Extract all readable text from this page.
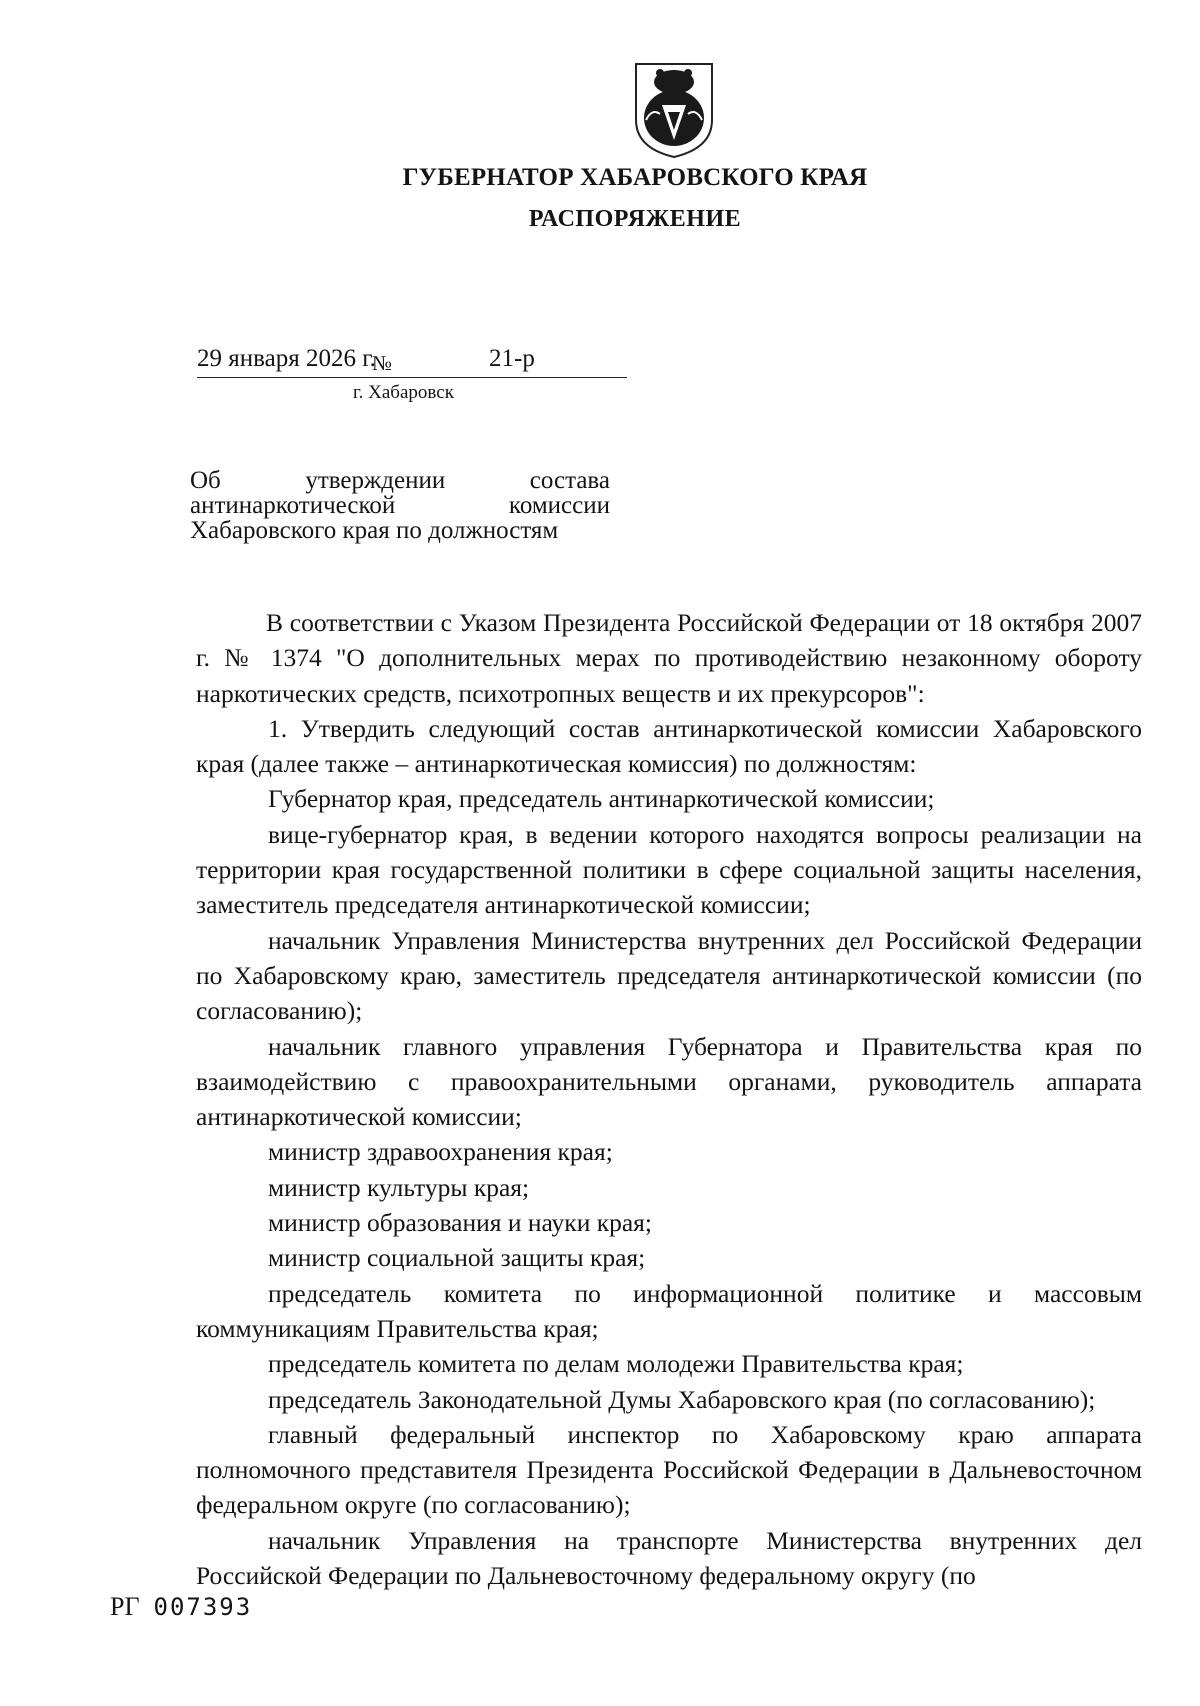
ГУБЕРНАТОР ХАБАРОВСКОГО КРАЯ
РАСПОРЯЖЕНИЕ
29 января 2026 г.
№	21-р
г. Хабаровск
Об утверждении состава
антинаркотической комиссии
Хабаровского края по должностям

В соответствии с Указом Президента Российской Федерации от 18 октября 2007 г. № 1374 "О дополнительных мерах по противодействию незаконному обороту наркотических средств, психотропных веществ и их прекурсоров":

1. Утвердить следующий состав антинаркотической комиссии Хабаровского края (далее также – антинаркотическая комиссия) по должностям:

Губернатор края, председатель антинаркотической комиссии;

вице-губернатор края, в ведении которого находятся вопросы реализации на территории края государственной политики в сфере социальной защиты населения, заместитель председателя антинаркотической комиссии;

начальник Управления Министерства внутренних дел Российской Федерации по Хабаровскому краю, заместитель председателя антинаркотической комиссии (по согласованию);

начальник главного управления Губернатора и Правительства края по взаимодействию с правоохранительными органами, руководитель аппарата антинаркотической комиссии;

министр здравоохранения края;

министр культуры края;

министр образования и науки края;

министр социальной защиты края;

председатель комитета по информационной политике и массовым коммуникациям Правительства края;

председатель комитета по делам молодежи Правительства края;

председатель Законодательной Думы Хабаровского края (по согласованию);

главный федеральный инспектор по Хабаровскому краю аппарата полномочного представителя Президента Российской Федерации в Дальневосточном федеральном округе (по согласованию);

начальник Управления на транспорте Министерства внутренних дел Российской Федерации по Дальневосточному федеральному округу (по

РГ 007393
